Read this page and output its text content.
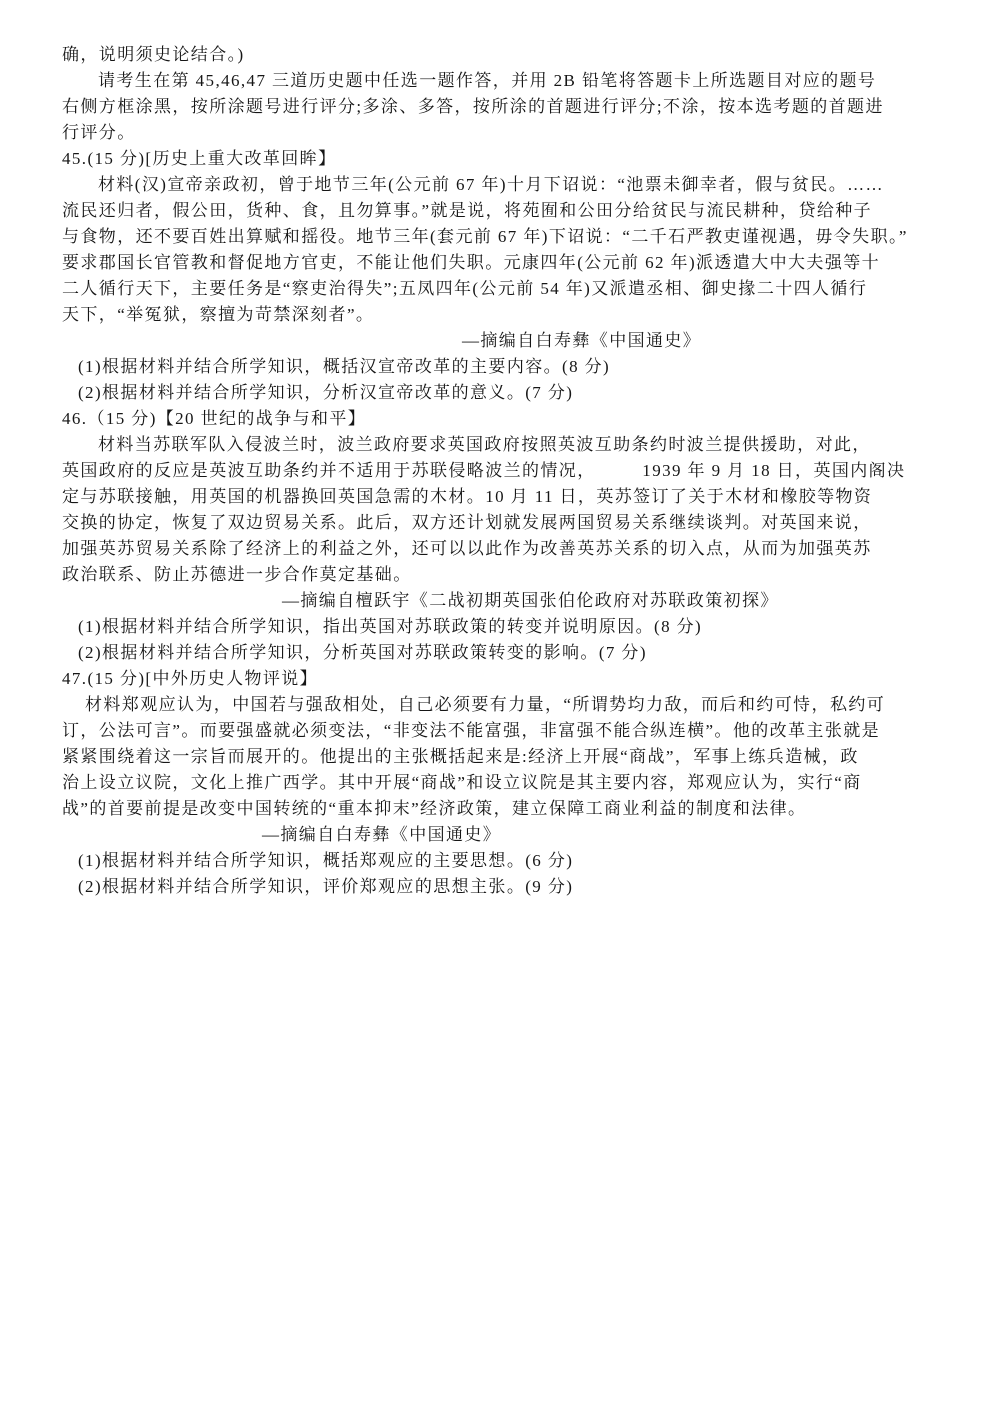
确，说明须史论结合。)
请考生在第 45,46,47 三道历史题中任选一题作答，并用 2B 铅笔将答题卡上所选题目对应的题号
右侧方框涂黑，按所涂题号进行评分;多涂、多答，按所涂的首题进行评分;不涂，按本选考题的首题进
行评分。
45.(15 分)[历史上重大改革回眸】
材料(汉)宣帝亲政初，曾于地节三年(公元前 67 年)十月下诏说：“池票未御幸者，假与贫民。……
流民还归者，假公田，货种、食，且勿算事。”就是说，将苑囿和公田分给贫民与流民耕种，贷给种子
与食物，还不要百姓出算赋和摇役。地节三年(套元前 67 年)下诏说：“二千石严教吏谨视遇，毋令失职。”
要求郡国长官管教和督促地方官吏，不能让他们失职。元康四年(公元前 62 年)派透遣大中大夫强等十
二人循行天下，主要任务是“察吏治得失”;五凤四年(公元前 54 年)又派遣丞相、御史掾二十四人循行
天下，“举冤狱，察擅为苛禁深刻者”。
—摘编自白寿彝《中国通史》
(1)根据材料并结合所学知识，概括汉宣帝改革的主要内容。(8 分)
(2)根据材料并结合所学知识，分析汉宣帝改革的意义。(7 分)
46.（15 分)【20 世纪的战争与和平】
材料当苏联军队入侵波兰时，波兰政府要求英国政府按照英波互助条约时波兰提供援助，对此，
英国政府的反应是英波互助条约并不适用于苏联侵略波兰的情况，　　　1939 年 9 月 18 日，英国内阁决
定与苏联接触，用英国的机器换回英国急需的木材。10 月 11 日，英苏签订了关于木材和橡胶等物资
交换的协定，恢复了双边贸易关系。此后，双方还计划就发展两国贸易关系继续谈判。对英国来说，
加强英苏贸易关系除了经济上的利益之外，还可以以此作为改善英苏关系的切入点，从而为加强英苏
政治联系、防止苏德进一步合作莫定基础。
—摘编自檀跃宇《二战初期英国张伯伦政府对苏联政策初探》
(1)根据材料并结合所学知识，指出英国对苏联政策的转变并说明原因。(8 分)
(2)根据材料并结合所学知识，分析英国对苏联政策转变的影响。(7 分)
47.(15 分)[中外历史人物评说】
材料郑观应认为，中国若与强敌相处，自己必须要有力量，“所谓势均力敌，而后和约可恃，私约可
订，公法可言”。而要强盛就必须变法，“非变法不能富强，非富强不能合纵连横”。他的改革主张就是
紧紧围绕着这一宗旨而展开的。他提出的主张概括起来是:经济上开展“商战”，军事上练兵造械，政
治上设立议院，文化上推广西学。其中开展“商战”和设立议院是其主要内容，郑观应认为，实行“商
战”的首要前提是改变中国转统的“重本抑末”经济政策，建立保障工商业利益的制度和法律。
—摘编自白寿彝《中国通史》
(1)根据材料并结合所学知识，概括郑观应的主要思想。(6 分)
(2)根据材料并结合所学知识，评价郑观应的思想主张。(9 分)
